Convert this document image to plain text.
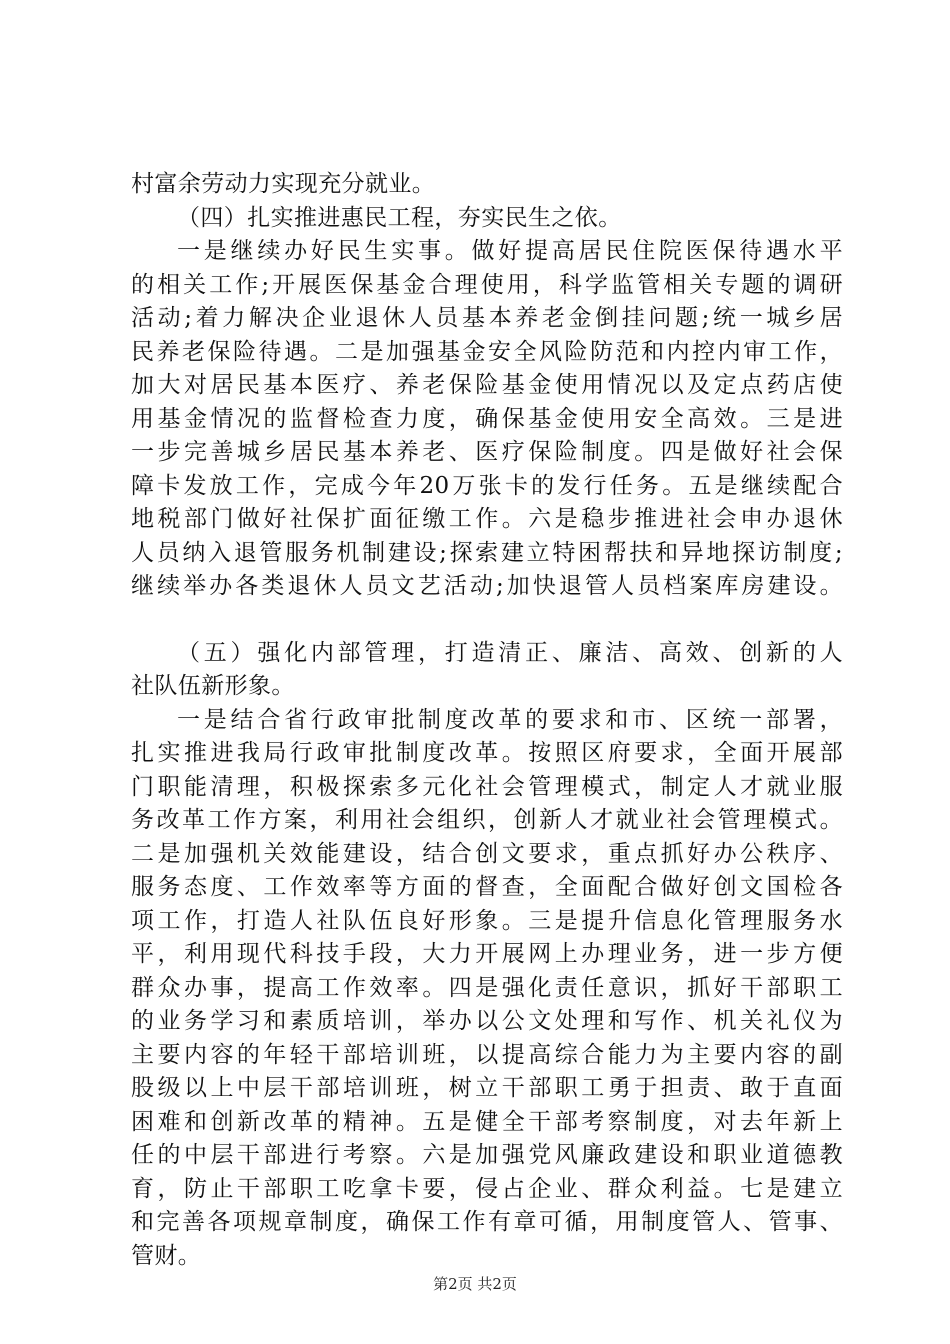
村富余劳动力实现充分就业。
（四）扎实推进惠民工程，夯实民生之依。
一是继续办好民生实事。做好提高居民住院医保待遇水平
的相关工作;开展医保基金合理使用，科学监管相关专题的调研
活动;着力解决企业退休人员基本养老金倒挂问题;统一城乡居
民养老保险待遇。二是加强基金安全风险防范和内控内审工作，
加大对居民基本医疗、养老保险基金使用情况以及定点药店使
用基金情况的监督检查力度，确保基金使用安全高效。三是进
一步完善城乡居民基本养老、医疗保险制度。四是做好社会保
障卡发放工作，完成今年20万张卡的发行任务。五是继续配合
地税部门做好社保扩面征缴工作。六是稳步推进社会申办退休
人员纳入退管服务机制建设;探索建立特困帮扶和异地探访制度;
继续举办各类退休人员文艺活动;加快退管人员档案库房建设。
（五）强化内部管理，打造清正、廉洁、高效、创新的人
社队伍新形象。
一是结合省行政审批制度改革的要求和市、区统一部署，
扎实推进我局行政审批制度改革。按照区府要求，全面开展部
门职能清理，积极探索多元化社会管理模式，制定人才就业服
务改革工作方案，利用社会组织，创新人才就业社会管理模式。
二是加强机关效能建设，结合创文要求，重点抓好办公秩序、
服务态度、工作效率等方面的督查，全面配合做好创文国检各
项工作，打造人社队伍良好形象。三是提升信息化管理服务水
平，利用现代科技手段，大力开展网上办理业务，进一步方便
群众办事，提高工作效率。四是强化责任意识，抓好干部职工
的业务学习和素质培训，举办以公文处理和写作、机关礼仪为
主要内容的年轻干部培训班，以提高综合能力为主要内容的副
股级以上中层干部培训班，树立干部职工勇于担责、敢于直面
困难和创新改革的精神。五是健全干部考察制度，对去年新上
任的中层干部进行考察。六是加强党风廉政建设和职业道德教
育，防止干部职工吃拿卡要，侵占企业、群众利益。七是建立
和完善各项规章制度，确保工作有章可循，用制度管人、管事、
管财。
第2页 共2页
